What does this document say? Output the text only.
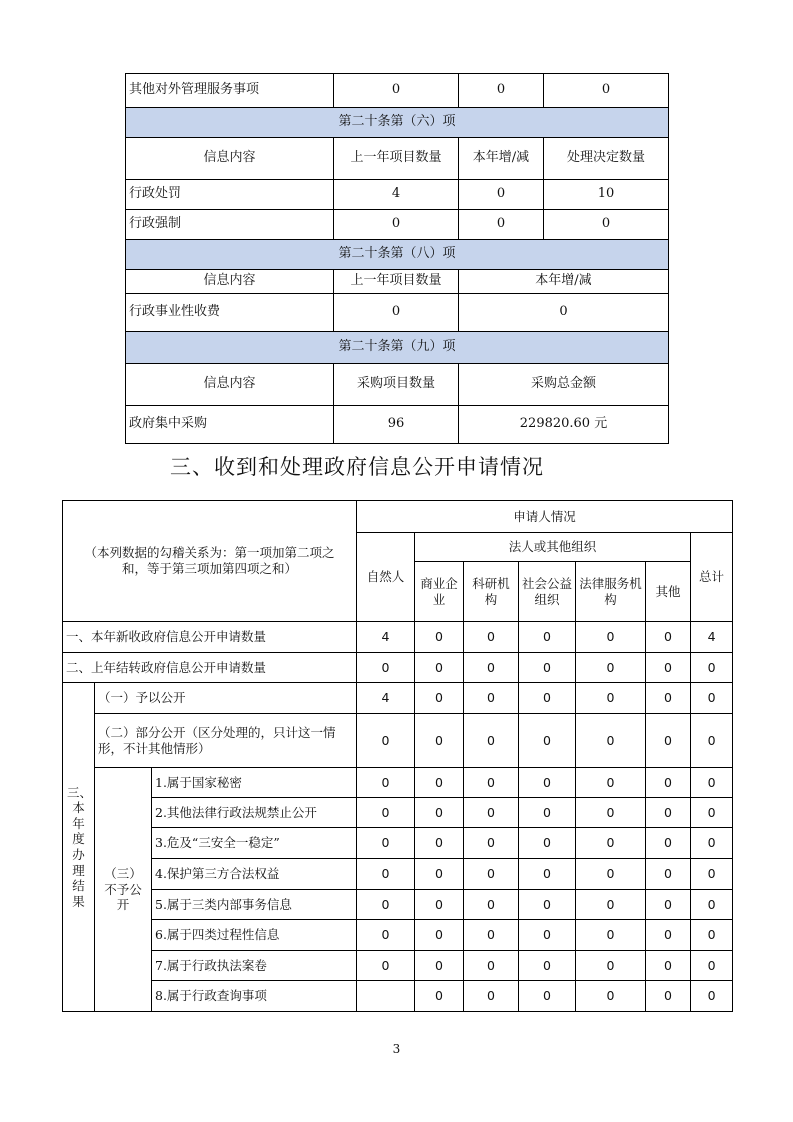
其他对外管理服务事项	0	0	0
第二十条第（六）项			
信息内容	上一年项目数量	本年增/减	处理决定数量
行政处罚	4	0	10
行政强制	0	0	0
第二十条第（八）项			
信息内容	上一年项目数量	本年增/减	
行政事业性收费	0	0	
第二十条第（九）项			
信息内容	采购项目数量	采购总金额	
政府集中采购	96	229820.60 元	
三、收到和处理政府信息公开申请情况
（本列数据的勾稽关系为：第一项加第二项之和，等于第三项加第四项之和）			申请人情况						
			自然人	法人或其他组织					总计
				商业企业	科研机构	社会公益组织	法律服务机构	其他	
一、本年新收政府信息公开申请数量			4	0	0	0	0	0	4
二、上年结转政府信息公开申请数量			0	0	0	0	0	0	0
三、本年度办理结果	（一）予以公开		4	0	0	0	0	0	0
	（二）部分公开（区分处理的，只计这一情形，不计其他情形）		0	0	0	0	0	0	0
	（三）不予公开	1.属于国家秘密	0	0	0	0	0	0	0
		2.其他法律行政法规禁止公开	0	0	0	0	0	0	0
		3.危及“三安全一稳定”	0	0	0	0	0	0	0
		4.保护第三方合法权益	0	0	0	0	0	0	0
		5.属于三类内部事务信息	0	0	0	0	0	0	0
		6.属于四类过程性信息	0	0	0	0	0	0	0
		7.属于行政执法案卷	0	0	0	0	0	0	0
		8.属于行政查询事项		0	0	0	0	0	0
3
